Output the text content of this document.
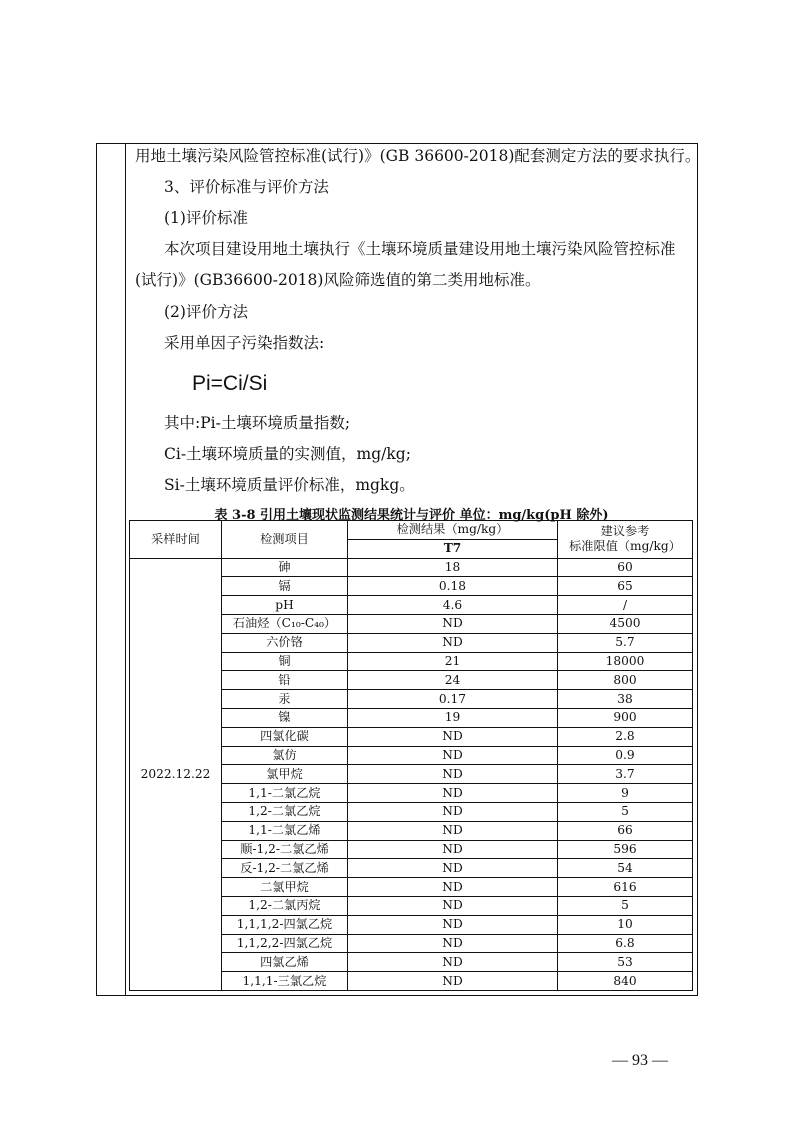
用地土壤污染风险管控标准(试行)》(GB 36600-2018)配套测定方法的要求执行。
3、评价标准与评价方法
(1)评价标准
本次项目建设用地土壤执行《土壤环境质量建设用地土壤污染风险管控标准
(试行)》(GB36600-2018)风险筛选值的第二类用地标准。
(2)评价方法
采用单因子污染指数法:
Pi=Ci/Si
其中:Pi-土壤环境质量指数;
Ci-土壤环境质量的实测值，mg/kg;
Si-土壤环境质量评价标准，mgkg。
表 3-8 引用土壤现状监测结果统计与评价 单位：mg/kg(pH 除外)
采样时间	检测项目	检测结果（mg/kg）	建议参考
标准限值（mg/kg）

		T7	
2022.12.22	砷	18	60
	镉	0.18	65
	pH	4.6	/
	石油烃（C₁₀-C₄₀）	ND	4500
	六价铬	ND	5.7
	铜	21	18000
	铅	24	800
	汞	0.17	38
	镍	19	900
	四氯化碳	ND	2.8
	氯仿	ND	0.9
	氯甲烷	ND	3.7
	1,1-二氯乙烷	ND	9
	1,2-二氯乙烷	ND	5
	1,1-二氯乙烯	ND	66
	顺-1,2-二氯乙烯	ND	596
	反-1,2-二氯乙烯	ND	54
	二氯甲烷	ND	616
	1,2-二氯丙烷	ND	5
	1,1,1,2-四氯乙烷	ND	10
	1,1,2,2-四氯乙烷	ND	6.8
	四氯乙烯	ND	53
	1,1,1-三氯乙烷	ND	840
— 93 —
